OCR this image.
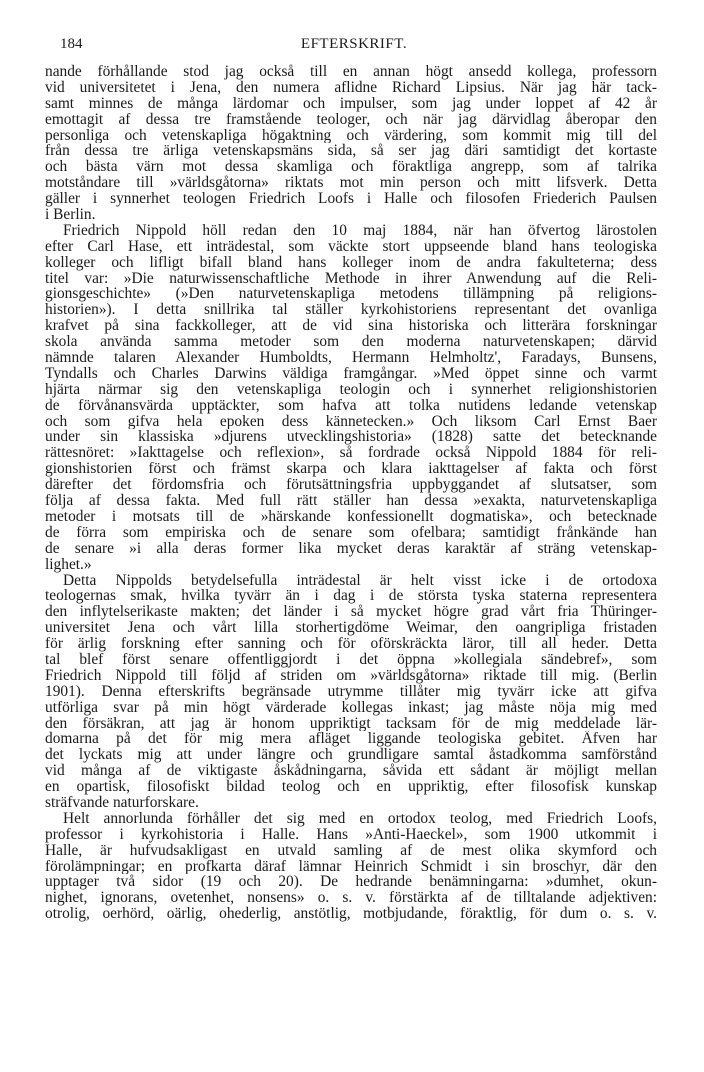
184	EFTERSKRIFT.
nande förhållande stod jag också till en annan högt ansedd kollega, professorn
vid universitetet i Jena, den numera aflidne Richard Lipsius. När jag här tack-
samt minnes de många lärdomar och impulser, som jag under loppet af 42 år
emottagit af dessa tre framstående teologer, och när jag därvidlag åberopar den
personliga och vetenskapliga högaktning och värdering, som kommit mig till del
från dessa tre ärliga vetenskapsmäns sida, så ser jag däri samtidigt det kortaste
och bästa värn mot dessa skamliga och föraktliga angrepp, som af talrika
motståndare till »världsgåtorna» riktats mot min person och mitt lifsverk. Detta
gäller i synnerhet teologen Friedrich Loofs i Halle och filosofen Friederich Paulsen
i Berlin.
Friedrich Nippold höll redan den 10 maj 1884, när han öfvertog lärostolen
efter Carl Hase, ett inträdestal, som väckte stort uppseende bland hans teologiska
kolleger och lifligt bifall bland hans kolleger inom de andra fakulteterna; dess
titel var: »Die naturwissenschaftliche Methode in ihrer Anwendung auf die Reli-
gionsgeschichte» (»Den naturvetenskapliga metodens tillämpning på religions-
historien»). I detta snillrika tal ställer kyrkohistoriens representant det ovanliga
krafvet på sina fackkolleger, att de vid sina historiska och litterära forskningar
skola använda samma metoder som den moderna naturvetenskapen; därvid
nämnde talaren Alexander Humboldts, Hermann Helmholtz', Faradays, Bunsens,
Tyndalls och Charles Darwins väldiga framgångar. »Med öppet sinne och varmt
hjärta närmar sig den vetenskapliga teologin och i synnerhet religionshistorien
de förvånansvärda upptäckter, som hafva att tolka nutidens ledande vetenskap
och som gifva hela epoken dess kännetecken.» Och liksom Carl Ernst Baer
under sin klassiska »djurens utvecklingshistoria» (1828) satte det betecknande
rättesnöret: »Iakttagelse och reflexion», så fordrade också Nippold 1884 för reli-
gionshistorien först och främst skarpa och klara iakttagelser af fakta och först
därefter det fördomsfria och förutsättningsfria uppbyggandet af slutsatser, som
följa af dessa fakta. Med full rätt ställer han dessa »exakta, naturvetenskapliga
metoder i motsats till de »härskande konfessionellt dogmatiska», och betecknade
de förra som empiriska och de senare som ofelbara; samtidigt frånkände han
de senare »i alla deras former lika mycket deras karaktär af sträng vetenskap-
lighet.»
Detta Nippolds betydelsefulla inträdestal är helt visst icke i de ortodoxa
teologernas smak, hvilka tyvärr än i dag i de största tyska staterna representera
den inflytelserikaste makten; det länder i så mycket högre grad vårt fria Thüringer-
universitet Jena och vårt lilla storhertigdöme Weimar, den oangripliga fristaden
för ärlig forskning efter sanning och för oförskräckta läror, till all heder. Detta
tal blef först senare offentliggjordt i det öppna »kollegiala sändebref», som
Friedrich Nippold till följd af striden om »världsgåtorna» riktade till mig. (Berlin
1901). Denna efterskrifts begränsade utrymme tillåter mig tyvärr icke att gifva
utförliga svar på min högt värderade kollegas inkast; jag måste nöja mig med
den försäkran, att jag är honom uppriktigt tacksam för de mig meddelade lär-
domarna på det för mig mera afläget liggande teologiska gebitet. Äfven har
det lyckats mig att under längre och grundligare samtal åstadkomma samförstånd
vid många af de viktigaste åskådningarna, såvida ett sådant är möjligt mellan
en opartisk, filosofiskt bildad teolog och en uppriktig, efter filosofisk kunskap
sträfvande naturforskare.
Helt annorlunda förhåller det sig med en ortodox teolog, med Friedrich Loofs,
professor i kyrkohistoria i Halle. Hans »Anti-Haeckel», som 1900 utkommit i
Halle, är hufvudsakligast en utvald samling af de mest olika skymford och
förolämpningar; en profkarta däraf lämnar Heinrich Schmidt i sin broschyr, där den
upptager två sidor (19 och 20). De hedrande benämningarna: »dumhet, okun-
nighet, ignorans, ovetenhet, nonsens» o. s. v. förstärkta af de tilltalande adjektiven:
otrolig, oerhörd, oärlig, ohederlig, anstötlig, motbjudande, föraktlig, för dum o. s. v.
